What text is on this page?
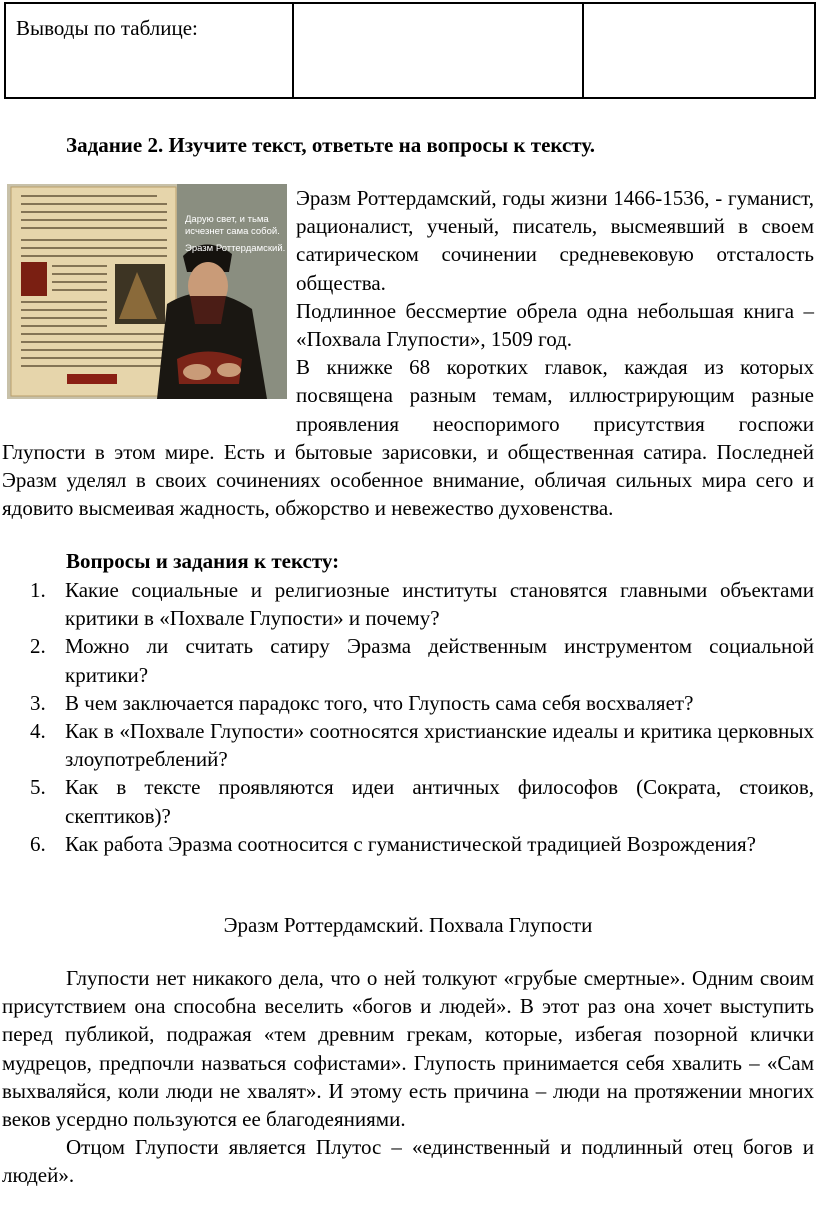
Выводы по таблице:		
Задание 2. Изучите текст, ответьте на вопросы к тексту.
Дарую свет, и тьма
исчезнет сама собой.
Эразм Роттердамский.

Эразм Роттердамский, годы жизни 1466-1536, - гуманист, рационалист, ученый, писатель, высмеявший в своем сатирическом сочинении средневековую отсталость общества.

Подлинное бессмертие обрела одна небольшая книга – «Похвала Глупости», 1509 год.

В книжке 68 коротких главок, каждая из которых посвящена разным темам, иллюстрирующим разные проявления неоспоримого присутствия госпожи Глупости в этом мире. Есть и бытовые зарисовки, и общественная сатира. Последней Эразм уделял в своих сочинениях особенное внимание, обличая сильных мира сего и ядовито высмеивая жадность, обжорство и невежество духовенства.

Вопросы и задания к тексту:
1. Какие социальные и религиозные институты становятся главными объектами критики в «Похвале Глупости» и почему?
2. Можно ли считать сатиру Эразма действенным инструментом социальной критики?
3. В чем заключается парадокс того, что Глупость сама себя восхваляет?
4. Как в «Похвале Глупости» соотносятся христианские идеалы и критика церковных злоупотреблений?
5. Как в тексте проявляются идеи античных философов (Сократа, стоиков, скептиков)?
6. Как работа Эразма соотносится с гуманистической традицией Возрождения?
Эразм Роттердамский. Похвала Глупости

Глупости нет никакого дела, что о ней толкуют «грубые смертные». Одним своим присутствием она способна веселить «богов и людей». В этот раз она хочет выступить перед публикой, подражая «тем древним грекам, которые, избегая позорной клички мудрецов, предпочли назваться софистами». Глупость принимается себя хвалить – «Сам выхваляйся, коли люди не хвалят». И этому есть причина – люди на протяжении многих веков усердно пользуются ее благодеяниями.

Отцом Глупости является Плутос – «единственный и подлинный отец богов и людей».
